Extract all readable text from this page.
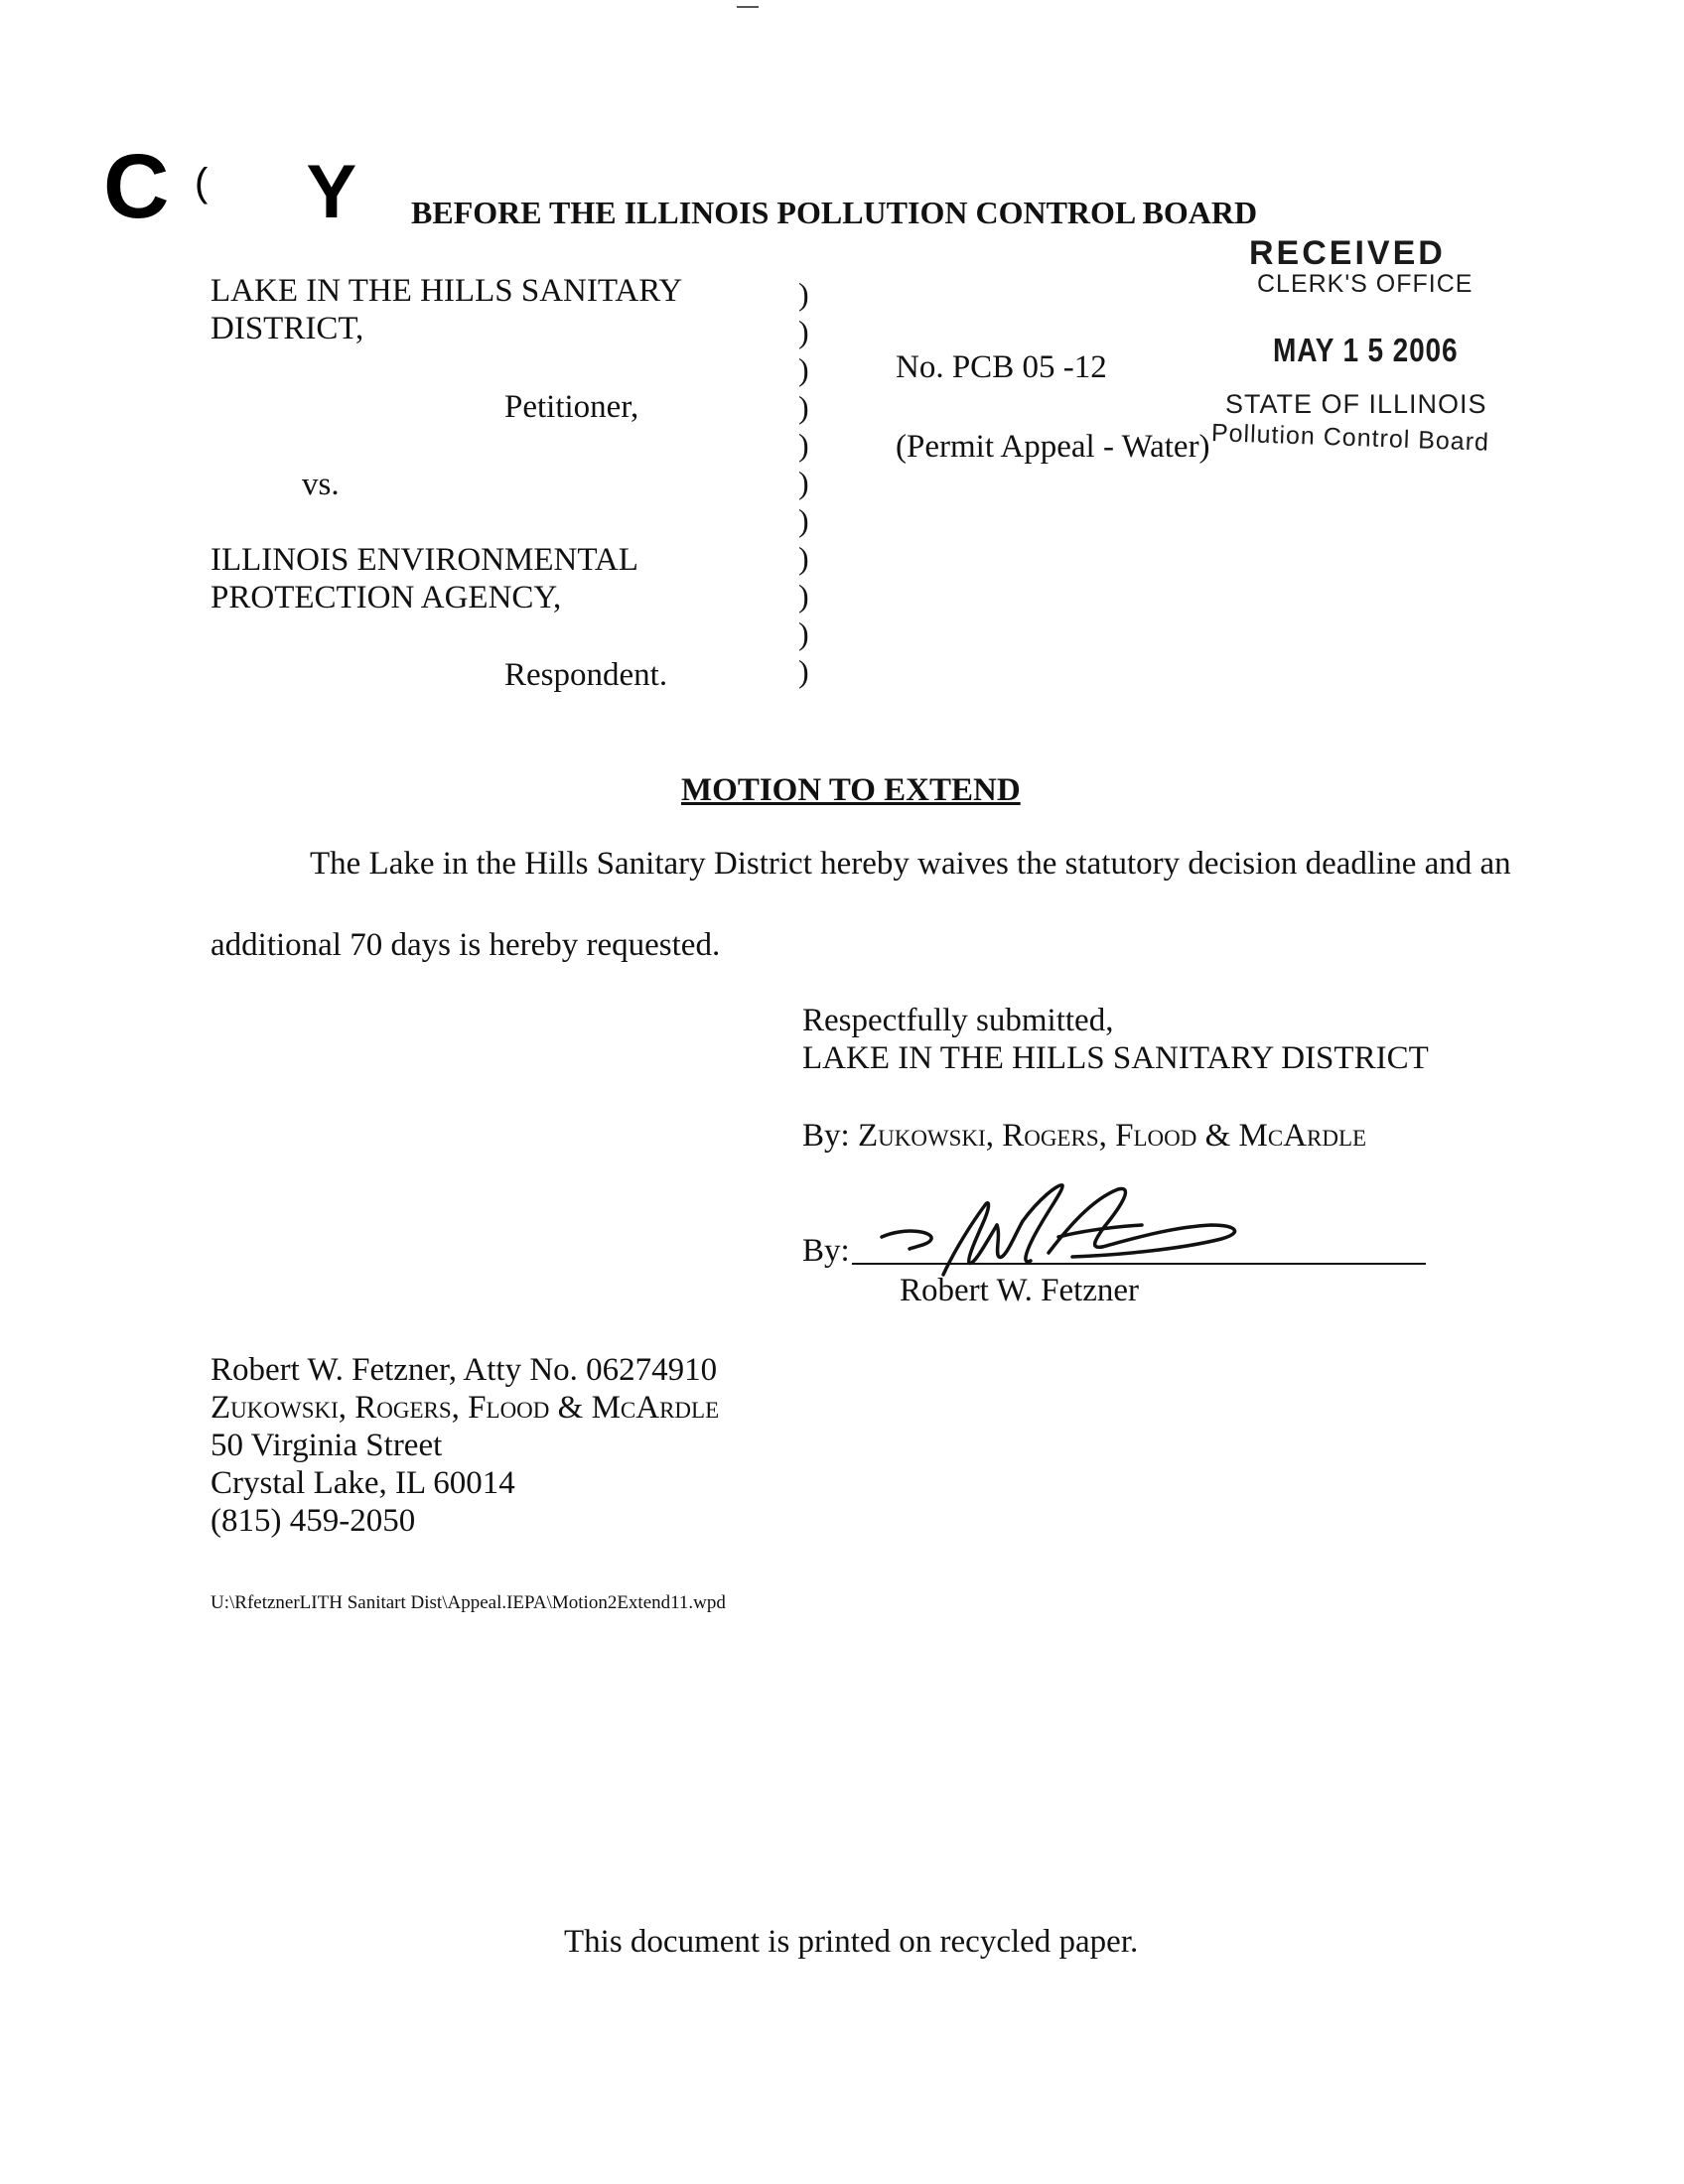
C ( Y BEFORE THE ILLINOIS POLLUTION CONTROL BOARD
RECEIVED
CLERK'S OFFICE
MAY 1 5 2006
STATE OF ILLINOIS
Pollution Control Board
LAKE IN THE HILLS SANITARY
DISTRICT,
Petitioner,
vs.
ILLINOIS ENVIRONMENTAL
PROTECTION AGENCY,
Respondent.
)
)
)
)
)
)
)
)
)
)
)
No. PCB 05 -12
(Permit Appeal - Water)
MOTION TO EXTEND
The Lake in the Hills Sanitary District hereby waives the statutory decision deadline and an
additional 70 days is hereby requested.
Respectfully submitted,
LAKE IN THE HILLS SANITARY DISTRICT
By: Zukowski, Rogers, Flood & McArdle
By:
Robert W. Fetzner
Robert W. Fetzner, Atty No. 06274910
Zukowski, Rogers, Flood & McArdle
50 Virginia Street
Crystal Lake, IL 60014
(815) 459-2050
U:\RfetznerLITH Sanitart Dist\Appeal.IEPA\Motion2Extend11.wpd
This document is printed on recycled paper.
